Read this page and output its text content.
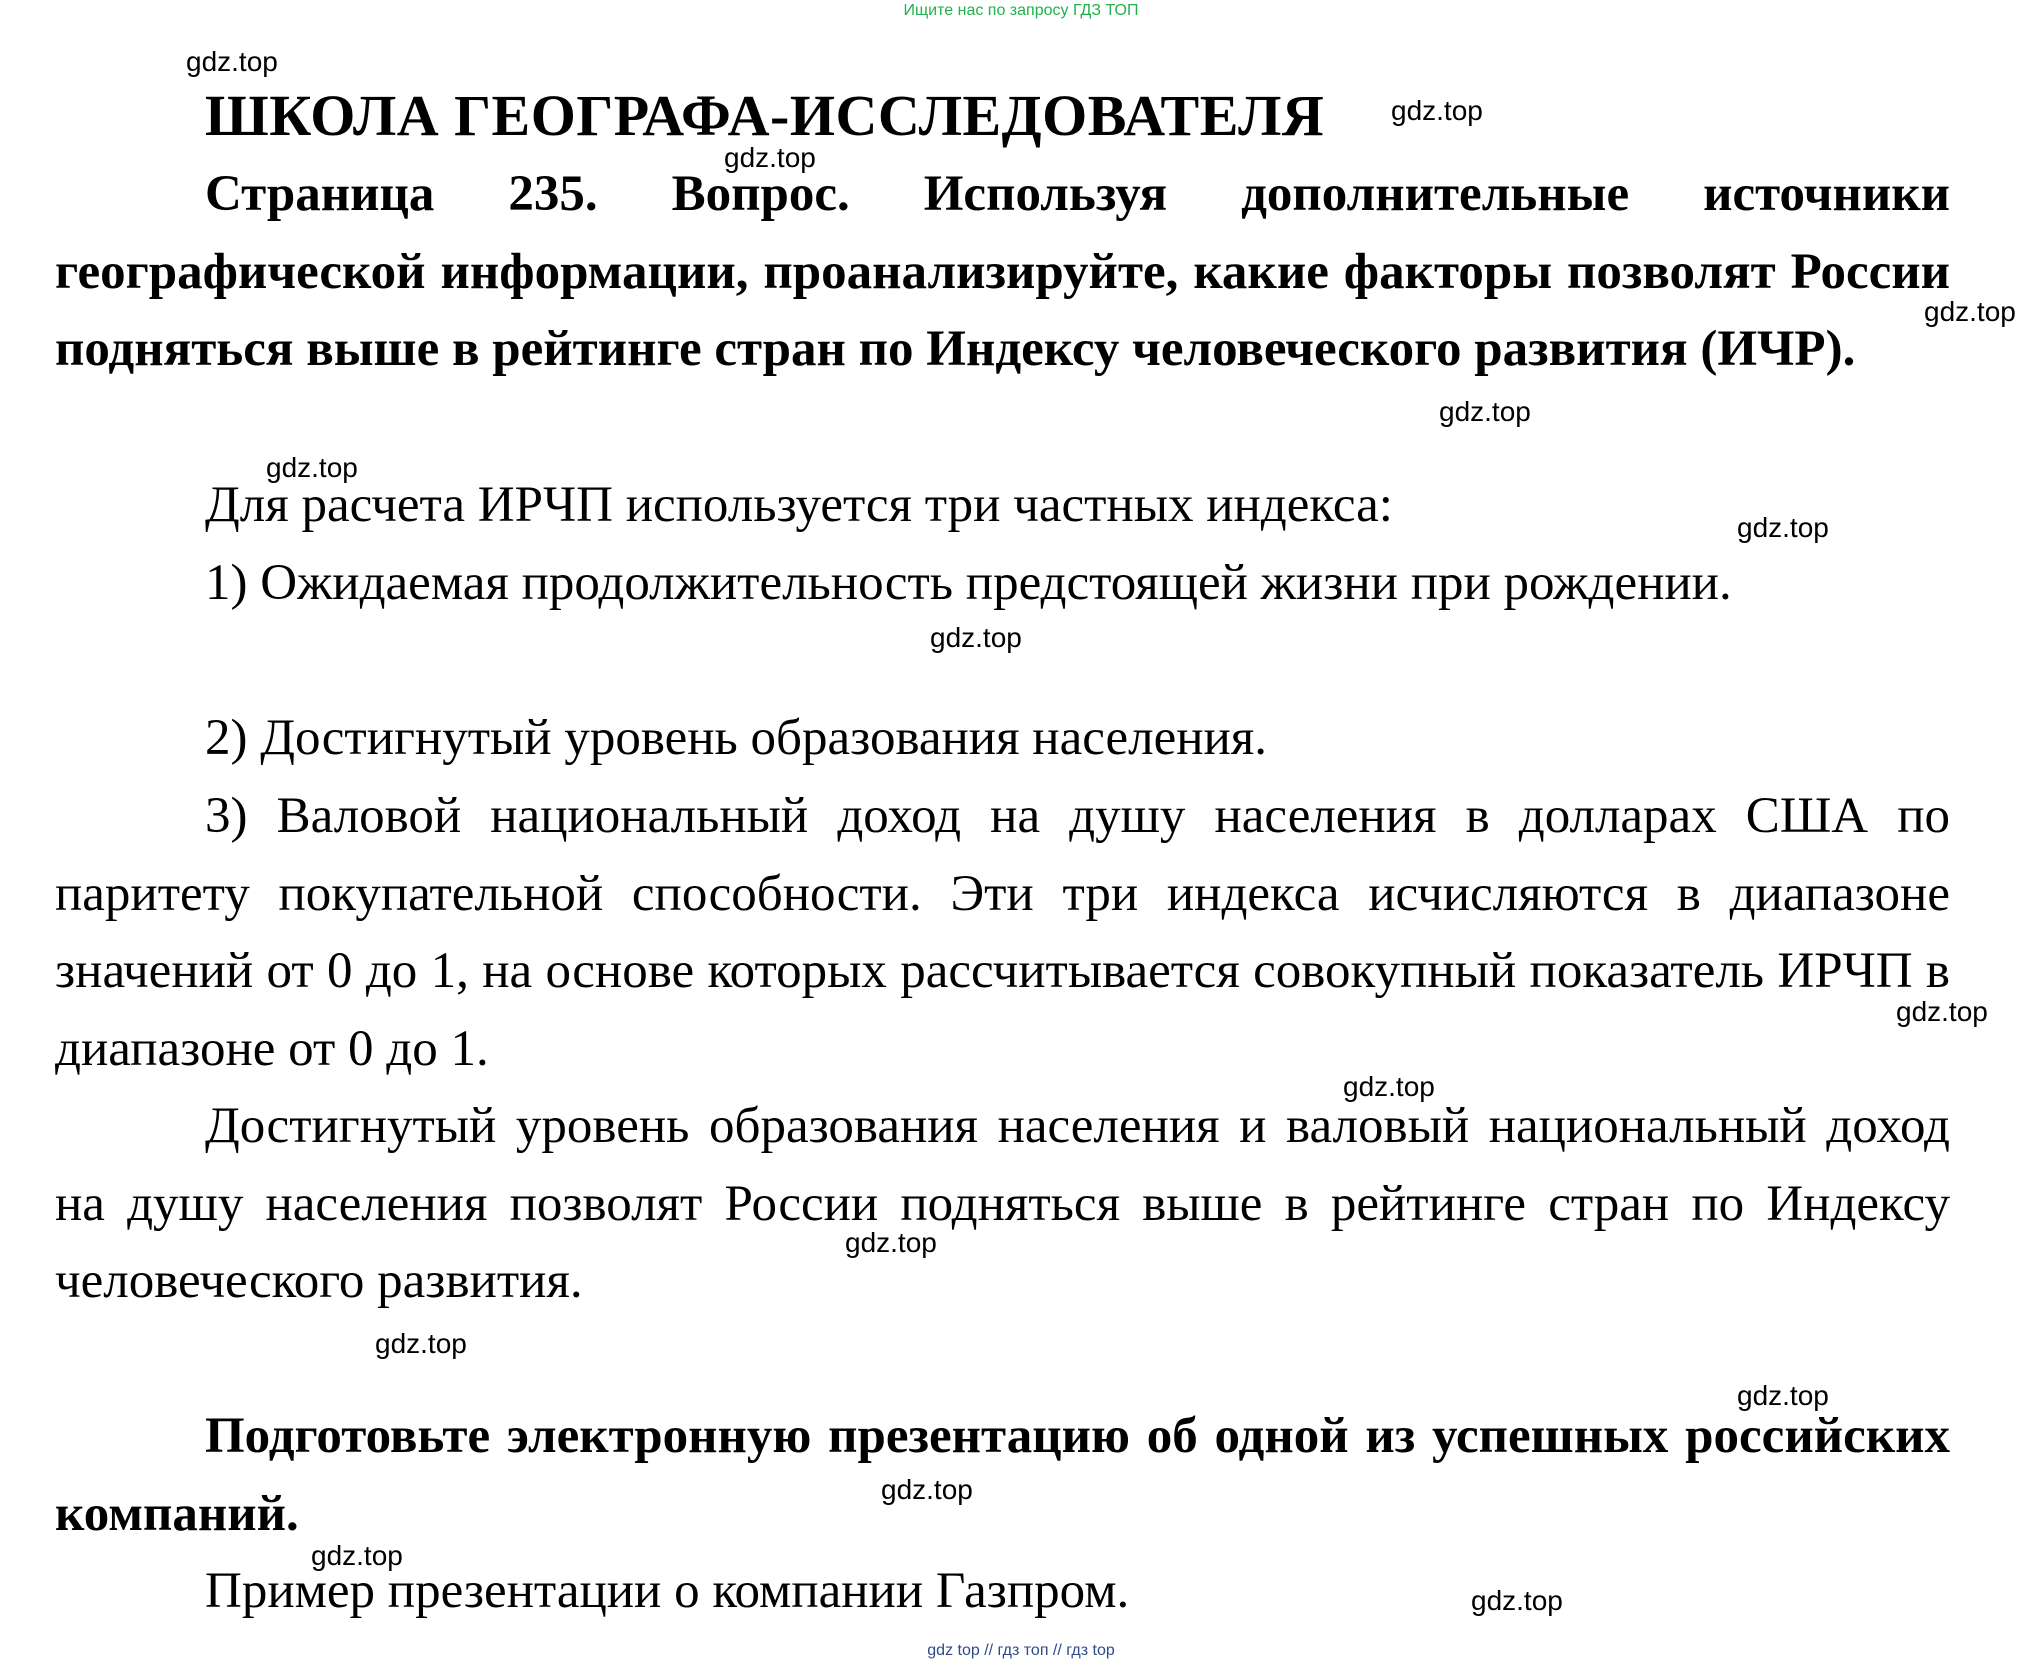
Ищите нас по запросу ГДЗ ТОП
ШКОЛА ГЕОГРАФА-ИССЛЕДОВАТЕЛЯ

Страница 235. Вопрос. Используя дополнительные источники географической информации, проанализируйте, какие факторы позволят России подняться выше в рейтинге стран по Индексу человеческого развития (ИЧР).

Для расчета ИРЧП используется три частных индекса:

1) Ожидаемая продолжительность предстоящей жизни при рождении.

2) Достигнутый уровень образования населения.

3) Валовой национальный доход на душу населения в долларах США по паритету покупательной способности. Эти три индекса исчисляются в диапазоне значений от 0 до 1, на основе которых рассчитывается совокупный показатель ИРЧП в диапазоне от 0 до 1.

Достигнутый уровень образования населения и валовый национальный доход на душу населения позволят России подняться выше в рейтинге стран по Индексу человеческого развития.

Подготовьте электронную презентацию об одной из успешных российских компаний.

Пример презентации о компании Газпром.

gdz.top
gdz.top
gdz.top
gdz.top
gdz.top
gdz.top
gdz.top
gdz.top
gdz.top
gdz.top
gdz.top
gdz.top
gdz.top
gdz.top
gdz.top
gdz.top
gdz top // гдз топ // гдз top
